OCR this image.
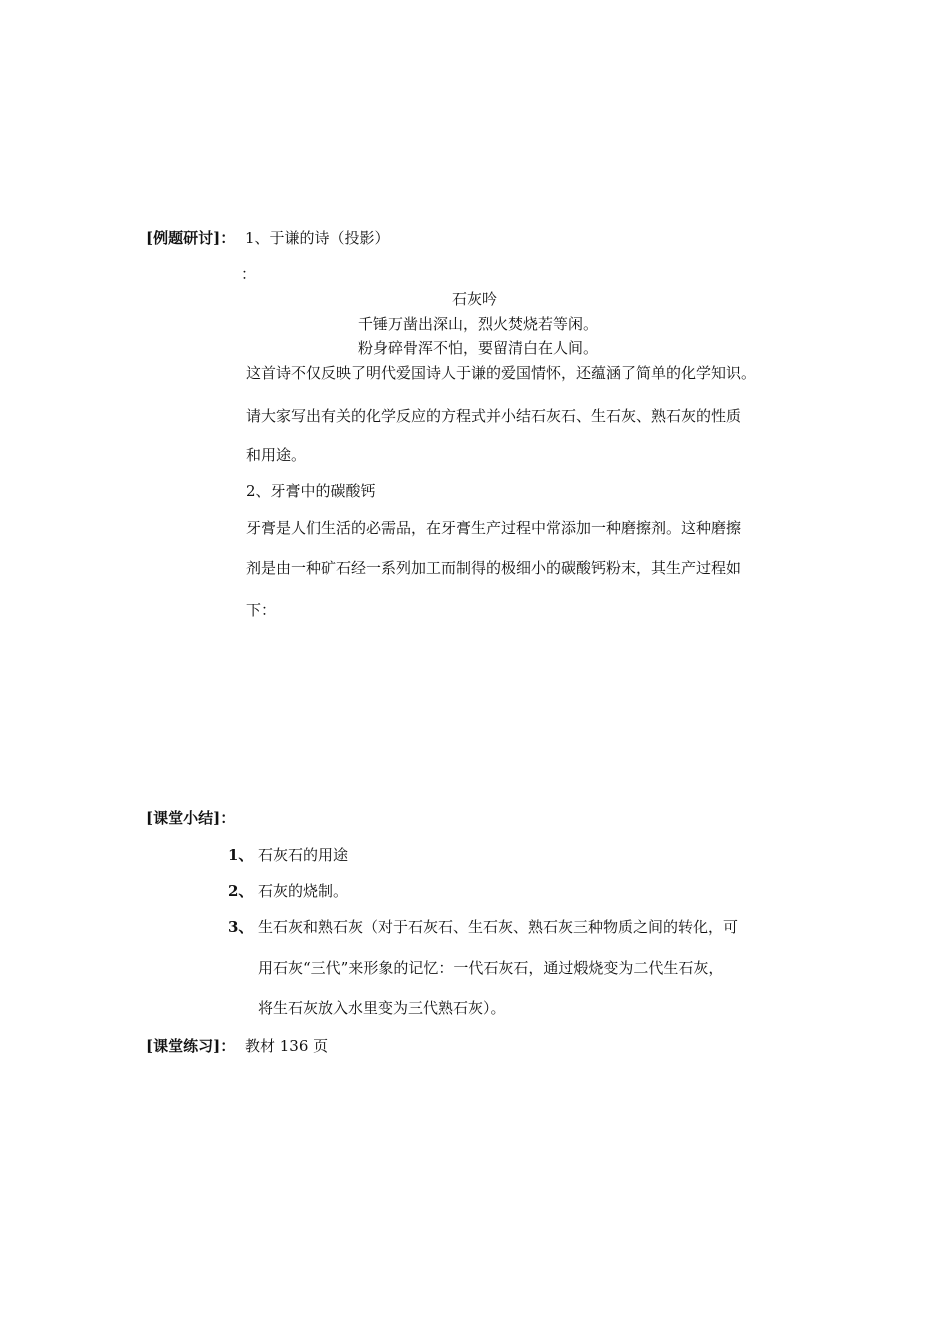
[例题研讨]： 1、于谦的诗（投影）
：
石灰吟
千锤万凿出深山，烈火焚烧若等闲。
粉身碎骨浑不怕，要留清白在人间。
这首诗不仅反映了明代爱国诗人于谦的爱国情怀，还蕴涵了简单的化学知识。
请大家写出有关的化学反应的方程式并小结石灰石、生石灰、熟石灰的性质
和用途。
2、牙膏中的碳酸钙
牙膏是人们生活的必需品，在牙膏生产过程中常添加一种磨擦剂。这种磨擦
剂是由一种矿石经一系列加工而制得的极细小的碳酸钙粉末，其生产过程如
下：
[课堂小结]：
1、 石灰石的用途
2、 石灰的烧制。
3、 生石灰和熟石灰（对于石灰石、生石灰、熟石灰三种物质之间的转化，可
用石灰“三代”来形象的记忆：一代石灰石，通过煅烧变为二代生石灰，
将生石灰放入水里变为三代熟石灰）。
[课堂练习]： 教材 136 页
